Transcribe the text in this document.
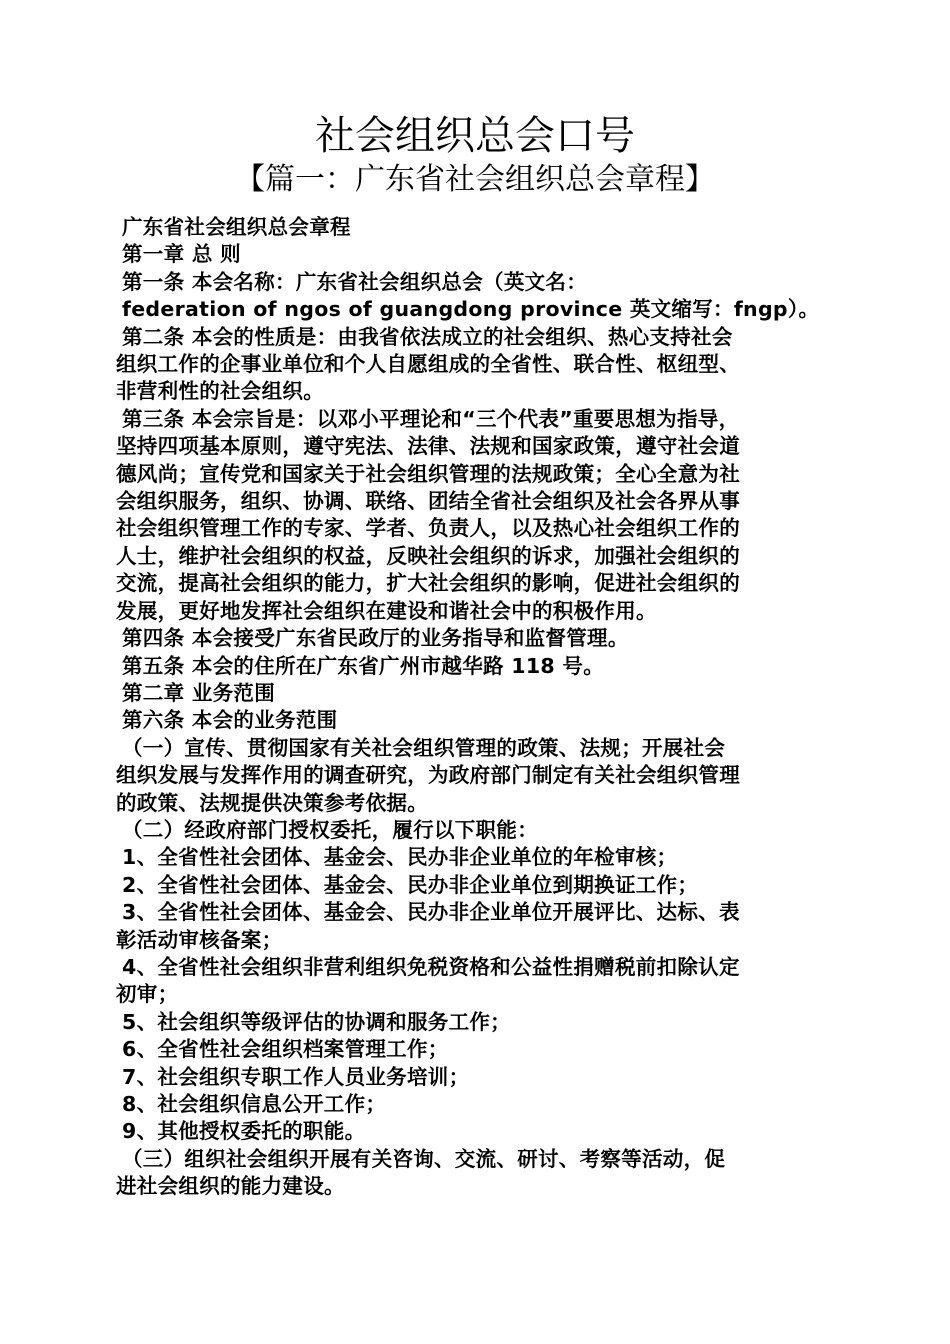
社会组织总会口号
【篇一：广东省社会组织总会章程】
广东省社会组织总会章程
第一章 总 则
第一条 本会名称：广东省社会组织总会（英文名：
federation of ngos of guangdong province 英文缩写：fngp）。
第二条 本会的性质是：由我省依法成立的社会组织、热心支持社会
组织工作的企事业单位和个人自愿组成的全省性、联合性、枢纽型、
非营利性的社会组织。
第三条 本会宗旨是：以邓小平理论和“三个代表”重要思想为指导，
坚持四项基本原则，遵守宪法、法律、法规和国家政策，遵守社会道
德风尚；宣传党和国家关于社会组织管理的法规政策；全心全意为社
会组织服务，组织、协调、联络、团结全省社会组织及社会各界从事
社会组织管理工作的专家、学者、负责人，以及热心社会组织工作的
人士，维护社会组织的权益，反映社会组织的诉求，加强社会组织的
交流，提高社会组织的能力，扩大社会组织的影响，促进社会组织的
发展，更好地发挥社会组织在建设和谐社会中的积极作用。
第四条 本会接受广东省民政厅的业务指导和监督管理。
第五条 本会的住所在广东省广州市越华路 118 号。
第二章 业务范围
第六条 本会的业务范围
（一）宣传、贯彻国家有关社会组织管理的政策、法规；开展社会
组织发展与发挥作用的调查研究，为政府部门制定有关社会组织管理
的政策、法规提供决策参考依据。
（二）经政府部门授权委托，履行以下职能：
1、全省性社会团体、基金会、民办非企业单位的年检审核；
2、全省性社会团体、基金会、民办非企业单位到期换证工作；
3、全省性社会团体、基金会、民办非企业单位开展评比、达标、表
彰活动审核备案；
4、全省性社会组织非营利组织免税资格和公益性捐赠税前扣除认定
初审；
5、社会组织等级评估的协调和服务工作；
6、全省性社会组织档案管理工作；
7、社会组织专职工作人员业务培训；
8、社会组织信息公开工作；
9、其他授权委托的职能。
（三）组织社会组织开展有关咨询、交流、研讨、考察等活动，促
进社会组织的能力建设。
